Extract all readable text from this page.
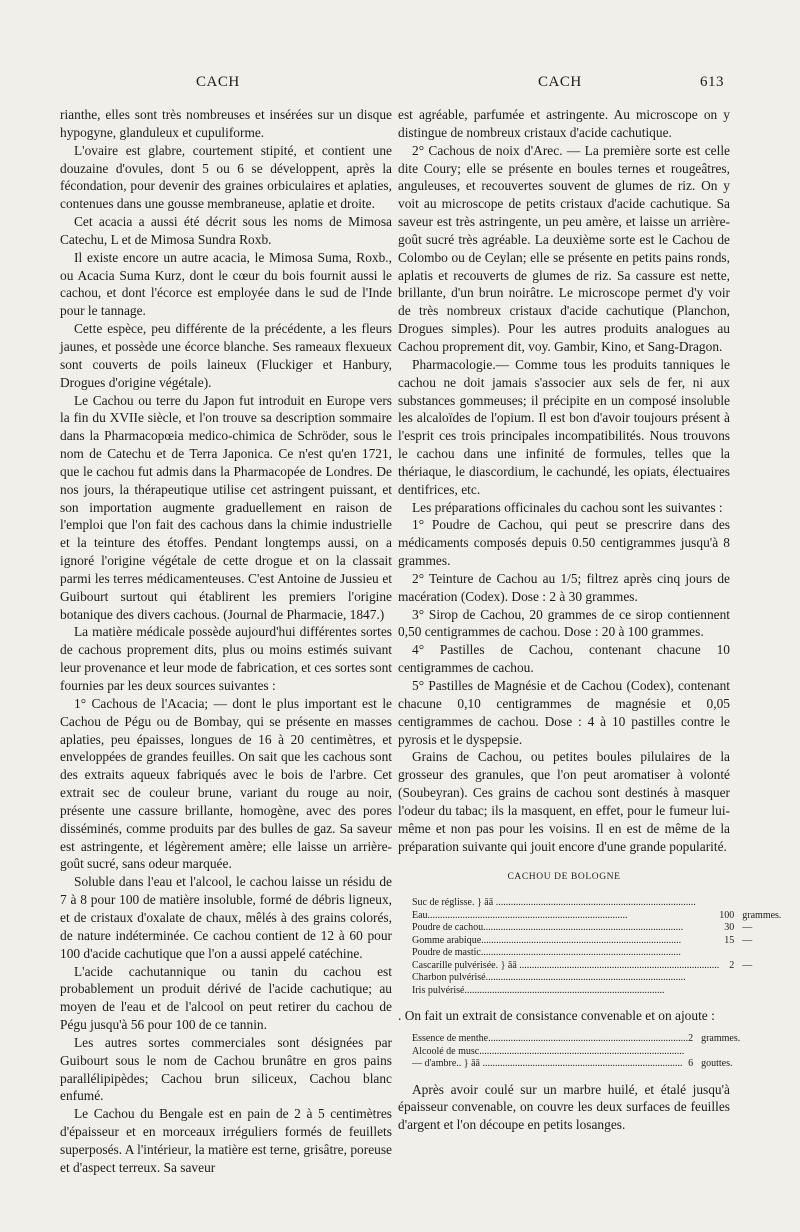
CACH	CACH	613

rianthe, elles sont très nombreuses et insérées sur un disque hypogyne, glanduleux et cupuliforme.

L'ovaire est glabre, courtement stipité, et contient une douzaine d'ovules, dont 5 ou 6 se développent, après la fécondation, pour devenir des graines orbiculaires et aplaties, contenues dans une gousse membraneuse, aplatie et droite.

Cet acacia a aussi été décrit sous les noms de Mimosa Catechu, L et de Mimosa Sundra Roxb.

Il existe encore un autre acacia, le Mimosa Suma, Roxb., ou Acacia Suma Kurz, dont le cœur du bois fournit aussi le cachou, et dont l'écorce est employée dans le sud de l'Inde pour le tannage.

Cette espèce, peu différente de la précédente, a les fleurs jaunes, et possède une écorce blanche. Ses rameaux flexueux sont couverts de poils laineux (Fluckiger et Hanbury, Drogues d'origine végétale).

Le Cachou ou terre du Japon fut introduit en Europe vers la fin du XVIIe siècle, et l'on trouve sa description sommaire dans la Pharmacopœia medico-chimica de Schröder, sous le nom de Catechu et de Terra Japonica. Ce n'est qu'en 1721, que le cachou fut admis dans la Pharmacopée de Londres. De nos jours, la thérapeutique utilise cet astringent puissant, et son importation augmente graduellement en raison de l'emploi que l'on fait des cachous dans la chimie industrielle et la teinture des étoffes. Pendant longtemps aussi, on a ignoré l'origine végétale de cette drogue et on la classait parmi les terres médicamenteuses. C'est Antoine de Jussieu et Guibourt surtout qui établirent les premiers l'origine botanique des divers cachous. (Journal de Pharmacie, 1847.)

La matière médicale possède aujourd'hui différentes sortes de cachous proprement dits, plus ou moins estimés suivant leur provenance et leur mode de fabrication, et ces sortes sont fournies par les deux sources suivantes :

1° Cachous de l'Acacia; — dont le plus important est le Cachou de Pégu ou de Bombay, qui se présente en masses aplaties, peu épaisses, longues de 16 à 20 centimètres, et enveloppées de grandes feuilles. On sait que les cachous sont des extraits aqueux fabriqués avec le bois de l'arbre. Cet extrait sec de couleur brune, variant du rouge au noir, présente une cassure brillante, homogène, avec des pores disséminés, comme produits par des bulles de gaz. Sa saveur est astringente, et légèrement amère; elle laisse un arrière-goût sucré, sans odeur marquée.

Soluble dans l'eau et l'alcool, le cachou laisse un résidu de 7 à 8 pour 100 de matière insoluble, formé de débris ligneux, et de cristaux d'oxalate de chaux, mêlés à des grains colorés, de nature indéterminée. Ce cachou contient de 12 à 60 pour 100 d'acide cachutique que l'on a aussi appelé catéchine.

L'acide cachutannique ou tanin du cachou est probablement un produit dérivé de l'acide cachutique; au moyen de l'eau et de l'alcool on peut retirer du cachou de Pégu jusqu'à 56 pour 100 de ce tannin.

Les autres sortes commerciales sont désignées par Guibourt sous le nom de Cachou brunâtre en gros pains parallélipipèdes; Cachou brun siliceux, Cachou blanc enfumé.

Le Cachou du Bengale est en pain de 2 à 5 centimètres d'épaisseur et en morceaux irréguliers formés de feuillets superposés. A l'intérieur, la matière est terne, grisâtre, poreuse et d'aspect terreux. Sa saveur

est agréable, parfumée et astringente. Au microscope on y distingue de nombreux cristaux d'acide cachutique.

2° Cachous de noix d'Arec. — La première sorte est celle dite Coury; elle se présente en boules ternes et rougeâtres, anguleuses, et recouvertes souvent de glumes de riz. On y voit au microscope de petits cristaux d'acide cachutique. Sa saveur est très astringente, un peu amère, et laisse un arrière-goût sucré très agréable. La deuxième sorte est le Cachou de Colombo ou de Ceylan; elle se présente en petits pains ronds, aplatis et recouverts de glumes de riz. Sa cassure est nette, brillante, d'un brun noirâtre. Le microscope permet d'y voir de très nombreux cristaux d'acide cachutique (Planchon, Drogues simples). Pour les autres produits analogues au Cachou proprement dit, voy. Gambir, Kino, et Sang-Dragon.

Pharmacologie.— Comme tous les produits tanniques le cachou ne doit jamais s'associer aux sels de fer, ni aux substances gommeuses; il précipite en un composé insoluble les alcaloïdes de l'opium. Il est bon d'avoir toujours présent à l'esprit ces trois principales incompatibilités. Nous trouvons le cachou dans une infinité de formules, telles que la thériaque, le diascordium, le cachundé, les opiats, électuaires dentifrices, etc.

Les préparations officinales du cachou sont les suivantes :

1° Poudre de Cachou, qui peut se prescrire dans des médicaments composés depuis 0.50 centigrammes jusqu'à 8 grammes.

2° Teinture de Cachou au 1/5; filtrez après cinq jours de macération (Codex). Dose : 2 à 30 grammes.

3° Sirop de Cachou, 20 grammes de ce sirop contiennent 0,50 centigrammes de cachou. Dose : 20 à 100 grammes.

4° Pastilles de Cachou, contenant chacune 10 centigrammes de cachou.

5° Pastilles de Magnésie et de Cachou (Codex), contenant chacune 0,10 centigrammes de magnésie et 0,05 centigrammes de cachou. Dose : 4 à 10 pastilles contre le pyrosis et le dyspepsie.

Grains de Cachou, ou petites boules pilulaires de la grosseur des granules, que l'on peut aromatiser à volonté (Soubeyran). Ces grains de cachou sont destinés à masquer l'odeur du tabac; ils la masquent, en effet, pour le fumeur lui-même et non pas pour les voisins. Il en est de même de la préparation suivante qui jouit encore d'une grande popularité.

CACHOU DE BOLOGNE
Suc de réglisse. } āā ................................................................................		
Eau................................................................................	100	grammes.
Poudre de cachou................................................................................	30	—
Gomme arabique................................................................................	15	—
Poudre de mastic................................................................................		
Cascarille pulvérisée. } āā ................................................................................	2	—
Charbon pulvérisé................................................................................		
Iris pulvérisé................................................................................		

. On fait un extrait de consistance convenable et on ajoute :

Essence de menthe................................................................................	2	grammes.
Alcoolé de musc..................................................................................		
— d'ambre.. } āā ................................................................................	6	gouttes.

Après avoir coulé sur un marbre huilé, et étalé jusqu'à épaisseur convenable, on couvre les deux surfaces de feuilles d'argent et l'on découpe en petits losanges.
